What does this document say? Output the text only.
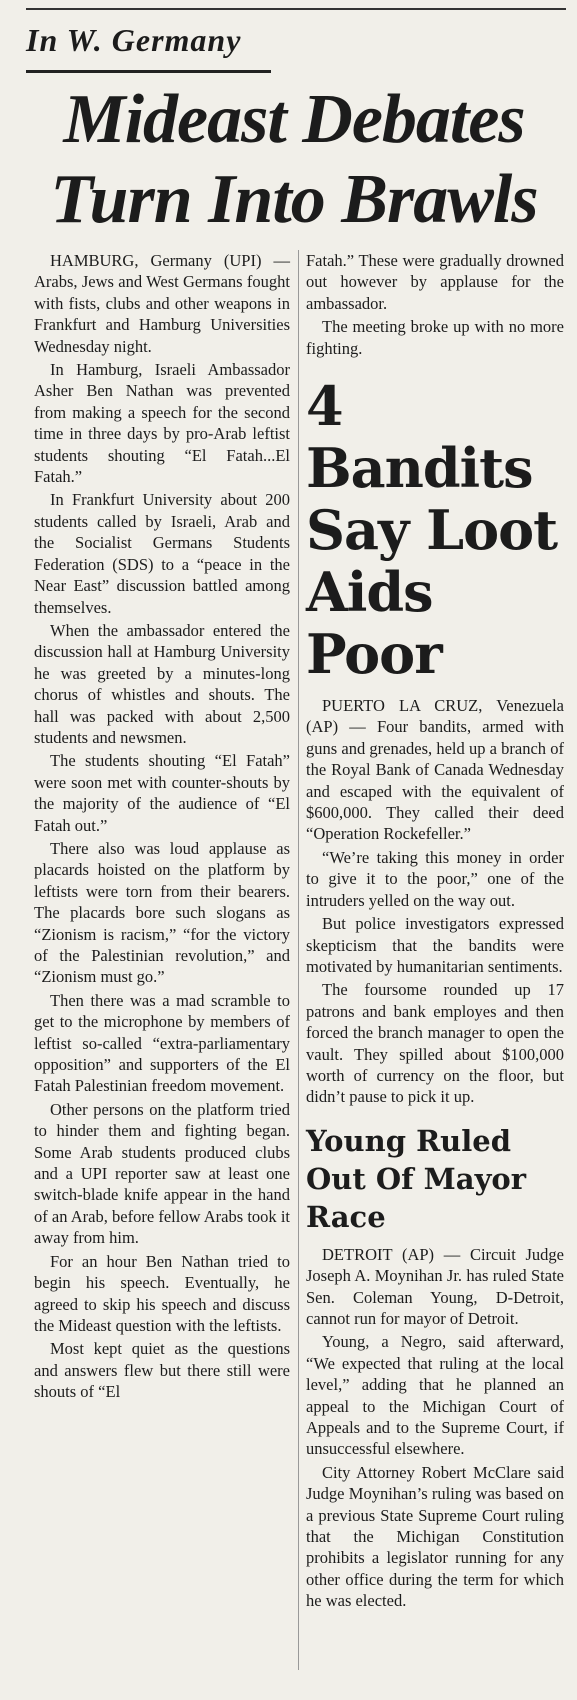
In W. Germany
Mideast Debates Turn Into Brawls

HAMBURG, Germany (UPI) —Arabs, Jews and West Germans fought with fists, clubs and other weapons in Frankfurt and Hamburg Universities Wednesday night.

In Hamburg, Israeli Ambassador Asher Ben Nathan was prevented from making a speech for the second time in three days by pro-Arab leftist students shouting “El Fatah...El Fatah.”

In Frankfurt University about 200 students called by Israeli, Arab and the Socialist Germans Students Federation (SDS) to a “peace in the Near East” discussion battled among themselves.

When the ambassador entered the discussion hall at Hamburg University he was greeted by a minutes-long chorus of whistles and shouts. The hall was packed with about 2,500 students and newsmen.

The students shouting “El Fatah” were soon met with counter-shouts by the majority of the audience of “El Fatah out.”

There also was loud applause as placards hoisted on the platform by leftists were torn from their bearers. The placards bore such slogans as “Zionism is racism,” “for the victory of the Palestinian revolution,” and “Zionism must go.”

Then there was a mad scramble to get to the microphone by members of leftist so-called “extra-parliamentary opposition” and supporters of the El Fatah Palestinian freedom movement.

Other persons on the platform tried to hinder them and fighting began. Some Arab students produced clubs and a UPI reporter saw at least one switch-blade knife appear in the hand of an Arab, before fellow Arabs took it away from him.

For an hour Ben Nathan tried to begin his speech. Eventually, he agreed to skip his speech and discuss the Mideast question with the leftists.

Most kept quiet as the questions and answers flew but there still were shouts of “El

Fatah.” These were gradually drowned out however by applause for the ambassador.

The meeting broke up with no more fighting.

4 Bandits Say Loot Aids Poor

PUERTO LA CRUZ, Venezuela (AP) — Four bandits, armed with guns and grenades, held up a branch of the Royal Bank of Canada Wednesday and escaped with the equivalent of $600,000. They called their deed “Operation Rockefeller.”

“We’re taking this money in order to give it to the poor,” one of the intruders yelled on the way out.

But police investigators expressed skepticism that the bandits were motivated by humanitarian sentiments.

The foursome rounded up 17 patrons and bank employes and then forced the branch manager to open the vault. They spilled about $100,000 worth of currency on the floor, but didn’t pause to pick it up.

Young Ruled Out Of Mayor Race

DETROIT (AP) — Circuit Judge Joseph A. Moynihan Jr. has ruled State Sen. Coleman Young, D-Detroit, cannot run for mayor of Detroit.

Young, a Negro, said afterward, “We expected that ruling at the local level,” adding that he planned an appeal to the Michigan Court of Appeals and to the Supreme Court, if unsuccessful elsewhere.

City Attorney Robert McClare said Judge Moynihan’s ruling was based on a previous State Supreme Court ruling that the Michigan Constitution prohibits a legislator running for any other office during the term for which he was elected.
